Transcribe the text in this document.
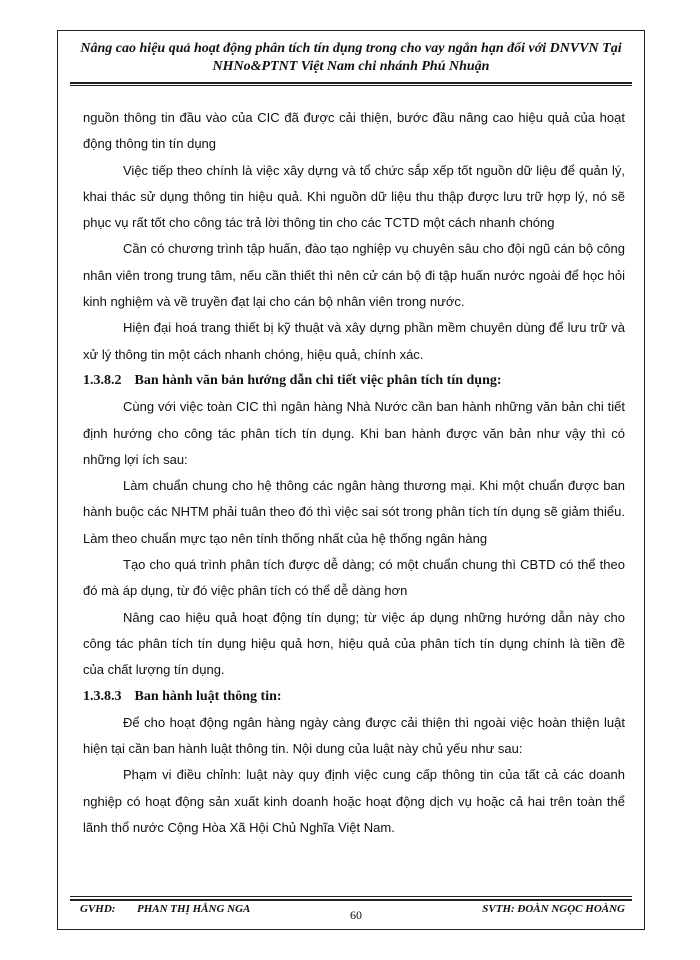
Nâng cao hiệu quả hoạt động phân tích tín dụng trong cho vay ngắn hạn đối với DNVVN Tại
NHNo&PTNT Việt Nam chi nhánh Phú Nhuận

nguồn thông tin đầu vào của CIC đã được cải thiện, bước đầu nâng cao hiệu quả của hoạt động thông tin tín dụng

Việc tiếp theo chính là việc xây dựng và tổ chức sắp xếp tốt nguồn dữ liệu để quản lý, khai thác sử dụng thông tin hiệu quả. Khi nguồn dữ liệu thu thập được lưu trữ hợp lý, nó sẽ phục vụ rất tốt cho công tác trả lời thông tin cho các TCTD một cách nhanh chóng

Cần có chương trình tập huấn, đào tạo nghiệp vụ chuyên sâu cho đội ngũ cán bộ công nhân viên trong trung tâm, nếu cần thiết thì nên cử cán bộ đi tập huấn nước ngoài để học hỏi kinh nghiệm và về truyền đạt lại cho cán bộ nhân viên trong nước.

Hiện đại hoá trang thiết bị kỹ thuật và xây dựng phần mềm chuyên dùng để lưu trữ và xử lý thông tin một cách nhanh chóng, hiệu quả, chính xác.

1.3.8.2 Ban hành văn bản hướng dẫn chi tiết việc phân tích tín dụng:

Cùng với việc toàn CIC thì ngân hàng Nhà Nước cần ban hành những văn bản chi tiết định hướng cho công tác phân tích tín dụng. Khi ban hành được văn bản như vậy thì có những lợi ích sau:

Làm chuẩn chung cho hệ thông các ngân hàng thương mại. Khi một chuẩn được ban hành buộc các NHTM phải tuân theo đó thì việc sai sót trong phân tích tín dụng sẽ giảm thiểu. Làm theo chuẩn mực tạo nên tính thống nhất của hệ thống ngân hàng

Tạo cho quá trình phân tích được dễ dàng; có một chuẩn chung thì CBTD có thể theo đó mà áp dụng, từ đó việc phân tích có thể dễ dàng hơn

Nâng cao hiệu quả hoạt động tín dụng; từ việc áp dụng những hướng dẫn này cho công tác phân tích tín dụng hiệu quả hơn, hiệu quả của phân tích tín dụng chính là tiền đề của chất lượng tín dụng.

1.3.8.3 Ban hành luật thông tin:

Để cho hoạt động ngân hàng ngày càng được cải thiện thì ngoài việc hoàn thiện luật hiện tại cần ban hành luật thông tin. Nội dung của luật này chủ yếu như sau:

Phạm vi điều chỉnh: luật này quy định việc cung cấp thông tin của tất cả các doanh nghiệp có hoạt động sản xuất kinh doanh hoặc hoạt động dịch vụ hoặc cả hai trên toàn thể lãnh thổ nước Cộng Hòa Xã Hội Chủ Nghĩa Việt Nam.

GVHD: PHAN THỊ HẰNG NGA	60	SVTH: ĐOÀN NGỌC HOÀNG
